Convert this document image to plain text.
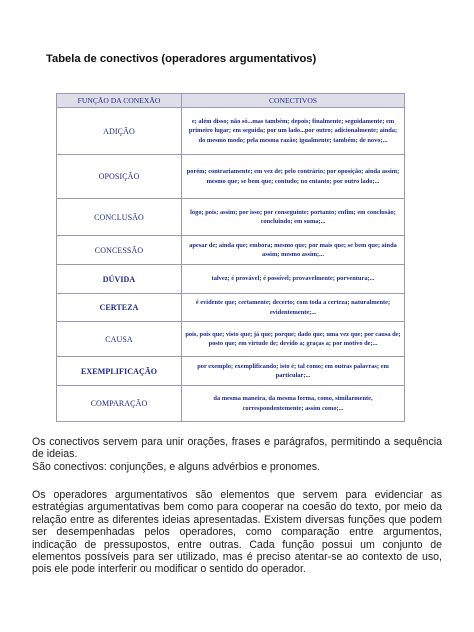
Tabela de conectivos (operadores argumentativos)
FUNÇÃO DA CONEXÃO	CONECTIVOS
ADIÇÃO	e; além disso; não só...mas também; depois; finalmente; seguidamente; em primeiro lugar; em seguida; por um lado...por outro; adicionalmente; ainda; do mesmo modo; pela mesma razão; igualmente; também; de novo;...
OPOSIÇÃO	porém; contrariamente; em vez de; pelo contrário; por oposição; ainda assim; mesmo que; se bem que; contudo; no entanto; por outro lado;...
CONCLUSÃO	logo; pois; assim; por isso; por conseguinte; portanto; enfim; em conclusão; concluindo; em suma;...
CONCESSÃO	apesar de; ainda que; embora; mesmo que; por mais que; se bem que; ainda assim; mesmo assim;...
DÚVIDA	talvez; é provável; é possível; provavelmente; porventura;...
CERTEZA	é evidente que; certamente; decerto; com toda a certeza; naturalmente; evidentemente;...
CAUSA	pois, pois que; visto que; já que; porque; dado que; uma vez que; por causa de; posto que; em virtude de; devido a; graças a; por motivo de;...
EXEMPLIFICAÇÃO	por exemplo; exemplificando; isto é; tal como; em outras palavras; em particular;...
COMPARAÇÃO	da mesma maneira, da mesma forma, como, similarmente, correspondentemente; assim como;...

Os conectivos servem para unir orações, frases e parágrafos, permitindo a sequência de ideias.

São conectivos: conjunções, e alguns advérbios e pronomes.

Os operadores argumentativos são elementos que servem para evidenciar as estratégias argumentativas bem como para cooperar na coesão do texto, por meio da relação entre as diferentes ideias apresentadas. Existem diversas funções que podem ser desempenhadas pelos operadores, como comparação entre argumentos, indicação de pressupostos, entre outras. Cada função possui um conjunto de elementos possíveis para ser utilizado, mas é preciso atentar-se ao contexto de uso, pois ele pode interferir ou modificar o sentido do operador.
